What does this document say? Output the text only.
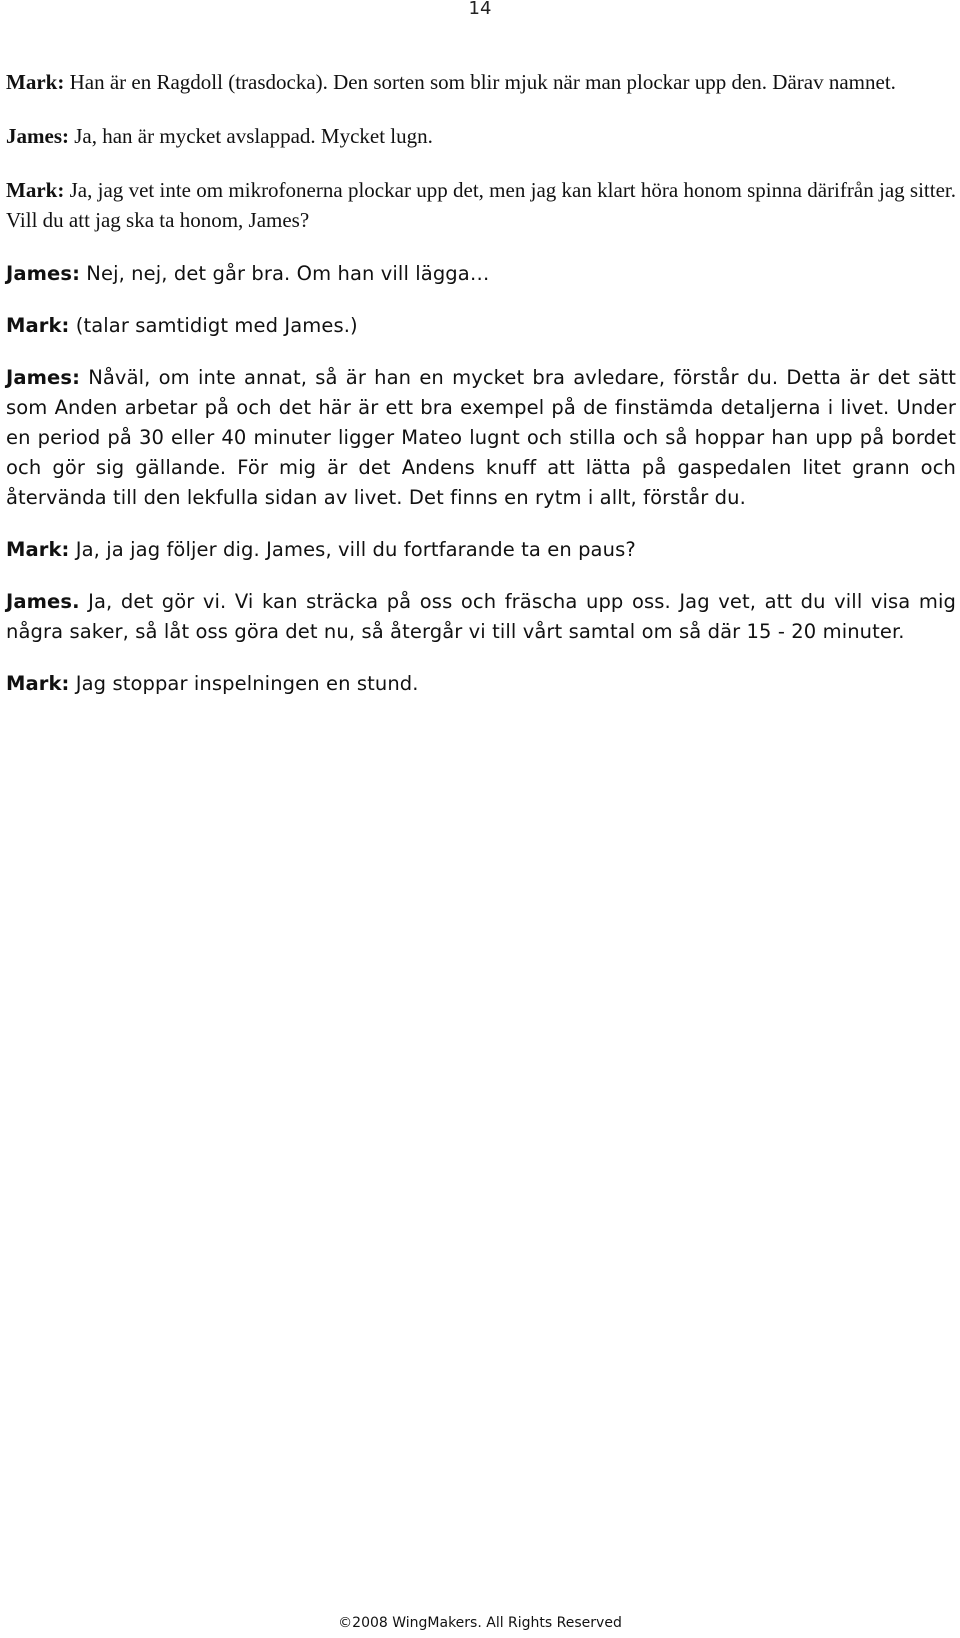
14

Mark: Han är en Ragdoll (trasdocka). Den sorten som blir mjuk när man plockar upp den. Därav namnet.

James: Ja, han är mycket avslappad. Mycket lugn.

Mark: Ja, jag vet inte om mikrofonerna plockar upp det, men jag kan klart höra honom spinna därifrån jag sitter. Vill du att jag ska ta honom, James?

James: Nej, nej, det går bra. Om han vill lägga…

Mark: (talar samtidigt med James.)

James: Nåväl, om inte annat, så är han en mycket bra avledare, förstår du. Detta är det sätt som Anden arbetar på och det här är ett bra exempel på de finstämda detaljerna i livet. Under en period på 30 eller 40 minuter ligger Mateo lugnt och stilla och så hoppar han upp på bordet och gör sig gällande. För mig är det Andens knuff att lätta på gaspedalen litet grann och återvända till den lekfulla sidan av livet. Det finns en rytm i allt, förstår du.

Mark: Ja, ja jag följer dig. James, vill du fortfarande ta en paus?

James. Ja, det gör vi. Vi kan sträcka på oss och fräscha upp oss. Jag vet, att du vill visa mig några saker, så låt oss göra det nu, så återgår vi till vårt samtal om så där 15 - 20 minuter.

Mark: Jag stoppar inspelningen en stund.

©2008 WingMakers. All Rights Reserved
